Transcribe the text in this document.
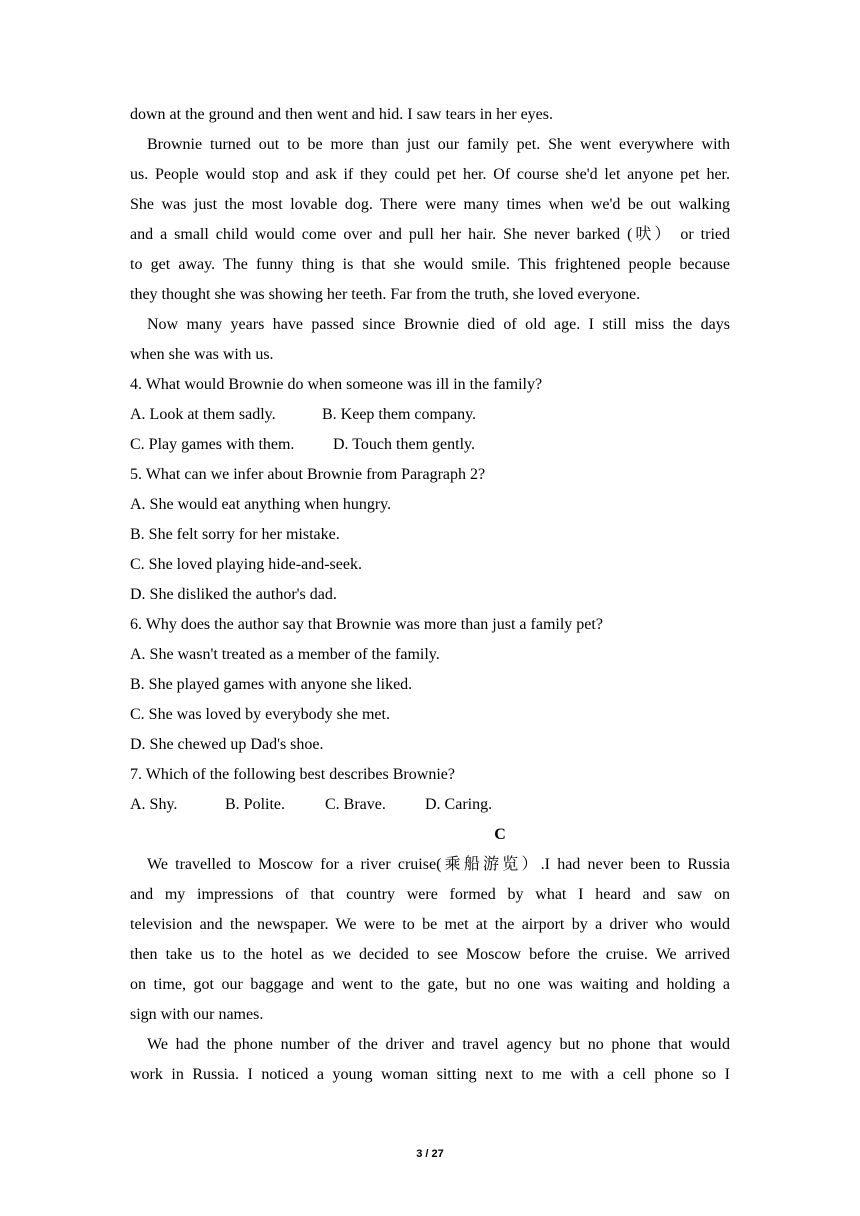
down at the ground and then went and hid. I saw tears in her eyes.
Brownie turned out to be more than just our family pet. She went everywhere with
us. People would stop and ask if they could pet her. Of course she'd let anyone pet her.
She was just the most lovable dog. There were many times when we'd be out walking
and a small child would come over and pull her hair. She never barked (吠） or tried
to get away. The funny thing is that she would smile. This frightened people because
they thought she was showing her teeth. Far from the truth, she loved everyone.
Now many years have passed since Brownie died of old age. I still miss the days
when she was with us.
4. What would Brownie do when someone was ill in the family?
A. Look at them sadly.	B. Keep them company.
C. Play games with them. D. Touch them gently.
5. What can we infer about Brownie from Paragraph 2?
A. She would eat anything when hungry.
B. She felt sorry for her mistake.
C. She loved playing hide-and-seek.
D. She disliked the author's dad.
6. Why does the author say that Brownie was more than just a family pet?
A. She wasn't treated as a member of the family.
B. She played games with anyone she liked.
C. She was loved by everybody she met.
D. She chewed up Dad's shoe.
7. Which of the following best describes Brownie?
A. Shy.	B. Polite. C. Brave. D. Caring.
C
We travelled to Moscow for a river cruise(乘船游览）.I had never been to Russia
and my impressions of that country were formed by what I heard and saw on
television and the newspaper. We were to be met at the airport by a driver who would
then take us to the hotel as we decided to see Moscow before the cruise. We arrived
on time, got our baggage and went to the gate, but no one was waiting and holding a
sign with our names.
We had the phone number of the driver and travel agency but no phone that would
work in Russia. I noticed a young woman sitting next to me with a cell phone so I
3 / 27
